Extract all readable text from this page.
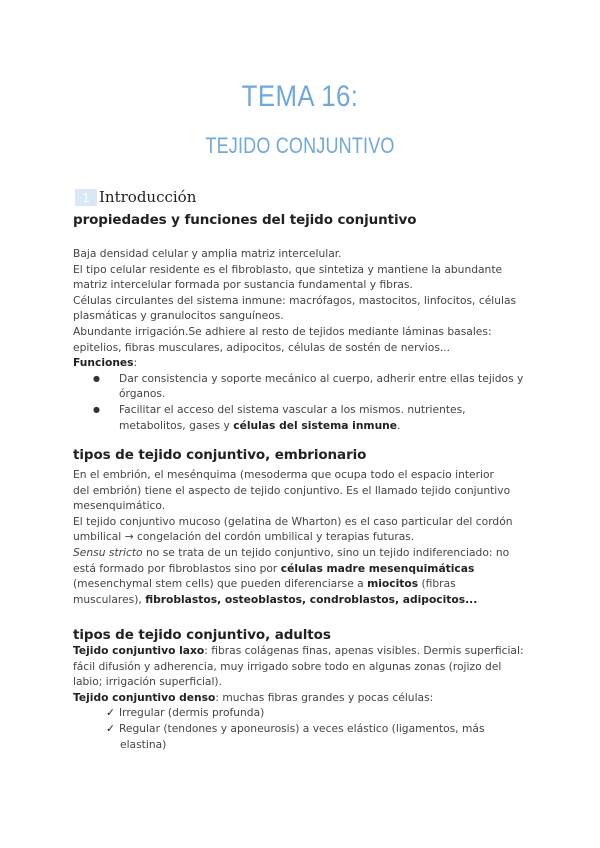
TEMA 16:
TEJIDO CONJUNTIVO
1 Introducción
propiedades y funciones del tejido conjuntivo

Baja densidad celular y amplia matriz intercelular.

El tipo celular residente es el fibroblasto, que sintetiza y mantiene la abundante

matriz intercelular formada por sustancia fundamental y fibras.

Células circulantes del sistema inmune: macrófagos, mastocitos, linfocitos, células

plasmáticas y granulocitos sanguíneos.

Abundante irrigación.Se adhiere al resto de tejidos mediante láminas basales:

epitelios, fibras musculares, adipocitos, células de sostén de nervios...

Funciones:

● Dar consistencia y soporte mecánico al cuerpo, adherir entre ellas tejidos y
órganos.
● Facilitar el acceso del sistema vascular a los mismos. nutrientes,
metabolitos, gases y células del sistema inmune.
tipos de tejido conjuntivo, embrionario

En el embrión, el mesénquima (mesoderma que ocupa todo el espacio interior

del embrión) tiene el aspecto de tejido conjuntivo. Es el llamado tejido conjuntivo

mesenquimático.

El tejido conjuntivo mucoso (gelatina de Wharton) es el caso particular del cordón

umbilical → congelación del cordón umbilical y terapias futuras.

Sensu stricto no se trata de un tejido conjuntivo, sino un tejido indiferenciado: no

está formado por fibroblastos sino por células madre mesenquimáticas

(mesenchymal stem cells) que pueden diferenciarse a miocitos (fibras

musculares), fibroblastos, osteoblastos, condroblastos, adipocitos...

tipos de tejido conjuntivo, adultos

Tejido conjuntivo laxo: fibras colágenas finas, apenas visibles. Dermis superficial:

fácil difusión y adherencia, muy irrigado sobre todo en algunas zonas (rojizo del

labio; irrigación superficial).

Tejido conjuntivo denso: muchas fibras grandes y pocas células:

✓ Irregular (dermis profunda)

✓ Regular (tendones y aponeurosis) a veces elástico (ligamentos, más

elastina)
